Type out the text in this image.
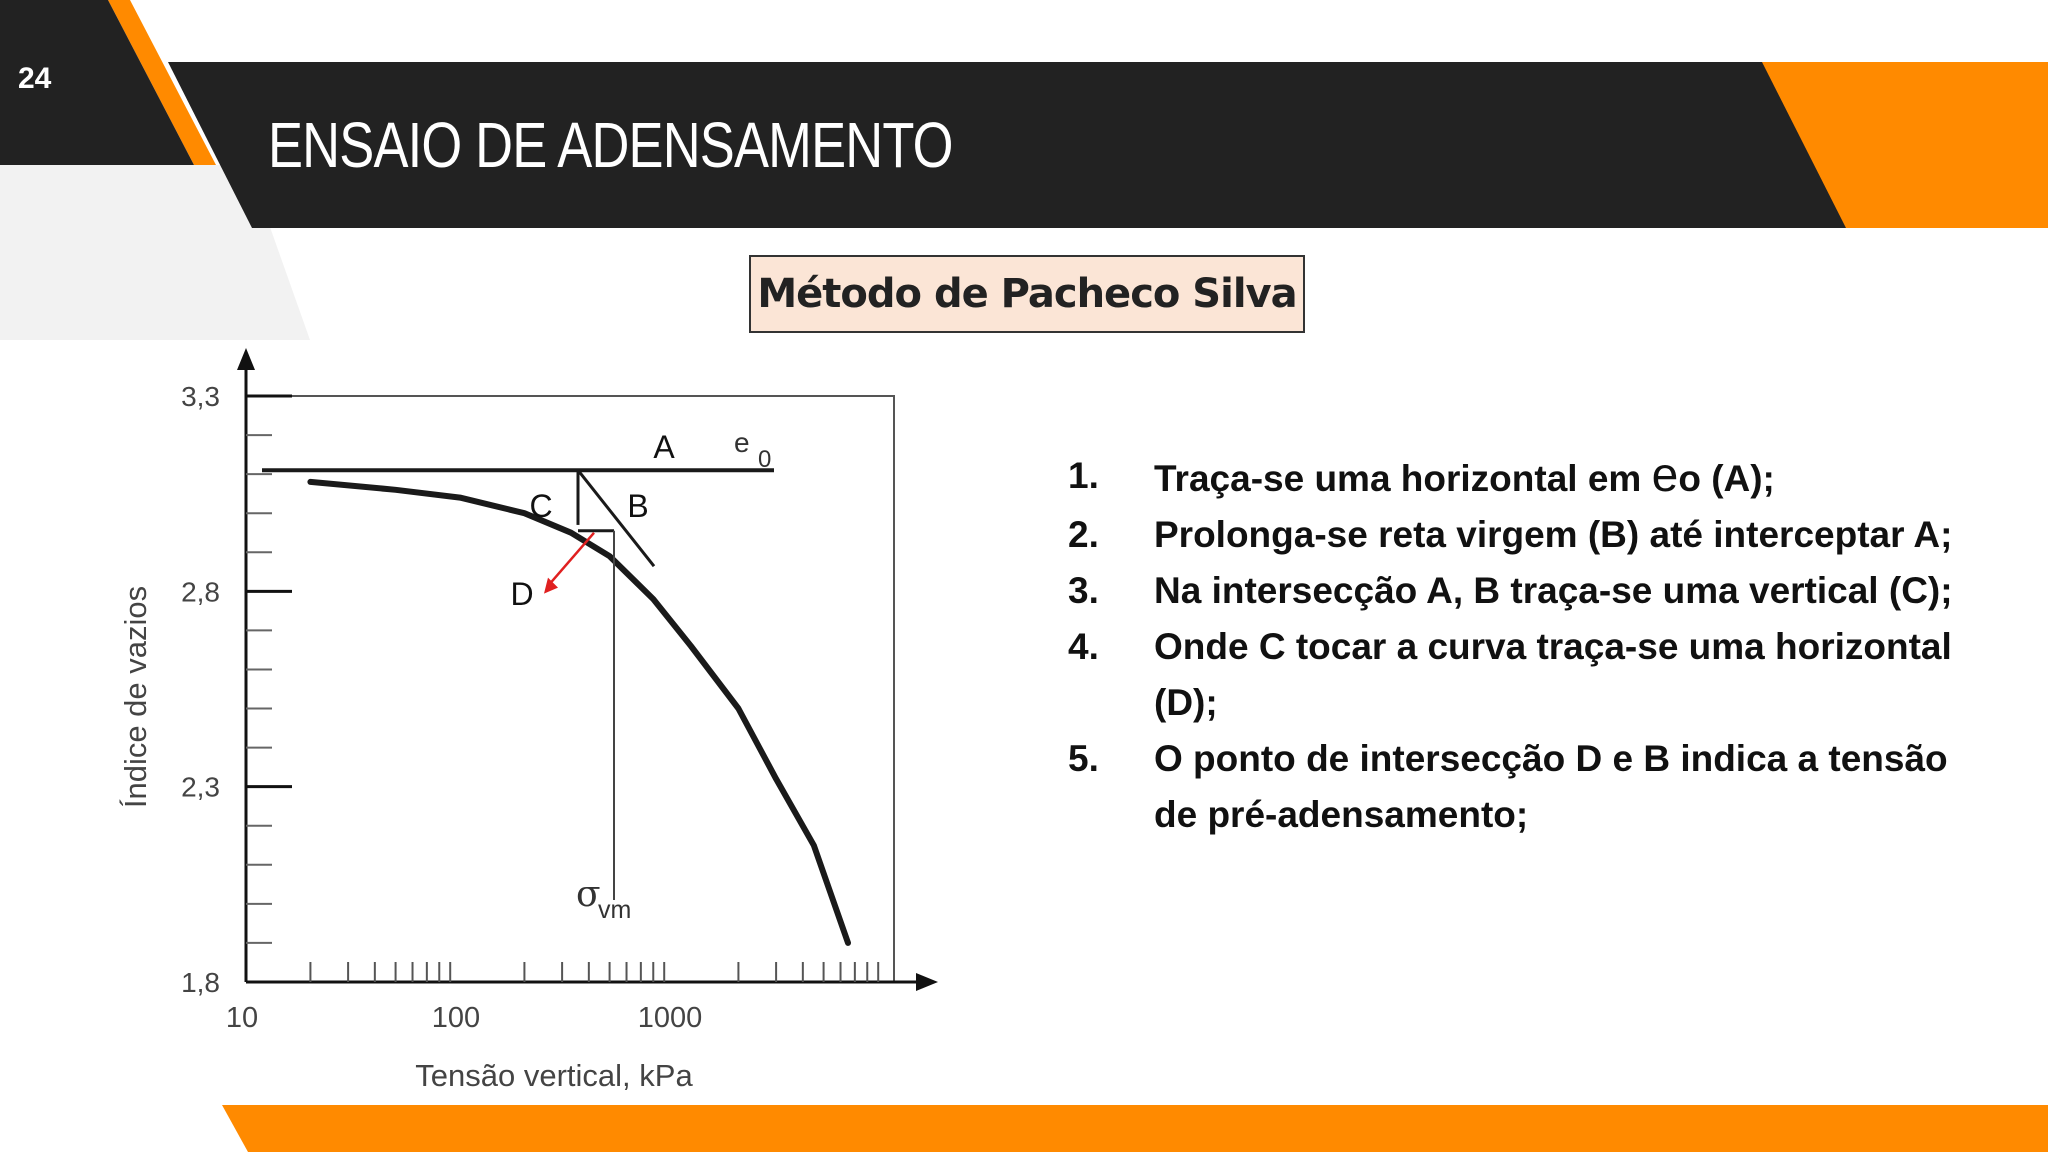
24
ENSAIO DE ADENSAMENTO
Método de Pacheco Silva
3,3
2,8
2,3
1,8
10	100	1000
Tensão vertical, kPa
Índice de vazios
e
0
A
B
C
D
σ
vm
1.	Traça-se uma horizontal em eo (A);
2.	Prolonga-se reta virgem (B) até interceptar A;
3.	Na intersecção A, B traça-se uma vertical (C);
4.	Onde C tocar a curva traça-se uma horizontal (D);
5.	O ponto de intersecção D e B indica a tensão de pré-adensamento;
